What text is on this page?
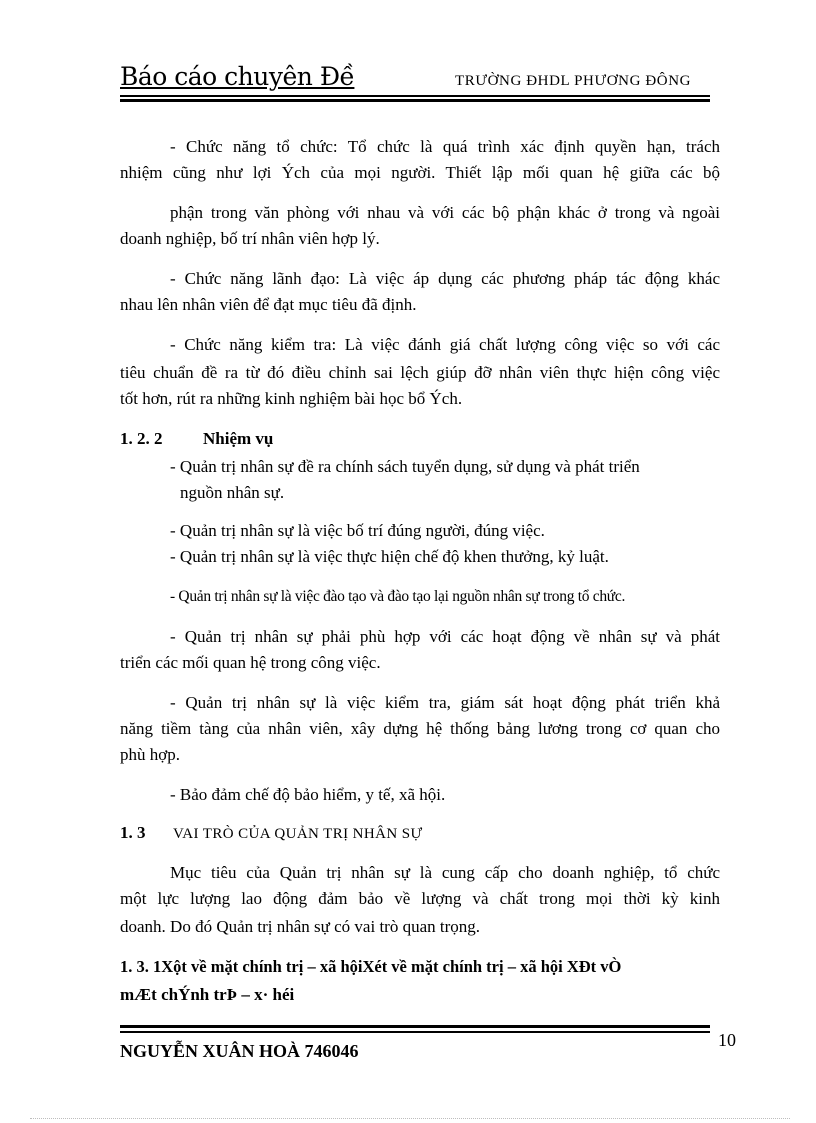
Báo cáo chuyên Đề	TRƯỜNG ĐHDL PHƯƠNG ĐÔNG
- Chức năng tổ chức: Tổ chức là quá trình xác định quyền hạn, trách
nhiệm cũng như lợi Ých của mọi người. Thiết lập mối quan hệ giữa các bộ
phận trong văn phòng với nhau và với các bộ phận khác ở trong và ngoài
doanh nghiệp, bố trí nhân viên hợp lý.
- Chức năng lãnh đạo: Là việc áp dụng các phương pháp tác động khác
nhau lên nhân viên để đạt mục tiêu đã định.
- Chức năng kiểm tra: Là việc đánh giá chất lượng công việc so với các
tiêu chuẩn đề ra từ đó điều chỉnh sai lệch giúp đỡ nhân viên thực hiện công việc
tốt hơn, rút ra những kinh nghiệm bài học bổ Ých.
1. 2. 2 Nhiệm vụ
- Quản trị nhân sự đề ra chính sách tuyển dụng, sử dụng và phát triển
nguồn nhân sự.
- Quản trị nhân sự là việc bố trí đúng người, đúng việc.
- Quản trị nhân sự là việc thực hiện chế độ khen thưởng, kỷ luật.
- Quản trị nhân sự là việc đào tạo và đào tạo lại nguồn nhân sự trong tổ chức.
- Quản trị nhân sự phải phù hợp với các hoạt động về nhân sự và phát
triển các mối quan hệ trong công việc.
- Quản trị nhân sự là việc kiểm tra, giám sát hoạt động phát triển khả
năng tiềm tàng của nhân viên, xây dựng hệ thống bảng lương trong cơ quan cho
phù hợp.
- Bảo đảm chế độ bảo hiểm, y tế, xã hội.
1. 3 VAI TRÒ CỦA QUẢN TRỊ NHÂN SỰ
Mục tiêu của Quản trị nhân sự là cung cấp cho doanh nghiệp, tổ chức
một lực lượng lao động đảm bảo về lượng và chất trong mọi thời kỳ kinh
doanh. Do đó Quản trị nhân sự có vai trò quan trọng.
1. 3. 1Xột về mặt chính trị – xã hộiXét về mặt chính trị – xã hội XÐt vÒ
mÆt chÝnh trÞ – x· héi
NGUYỄN XUÂN HOÀ 746046
10
